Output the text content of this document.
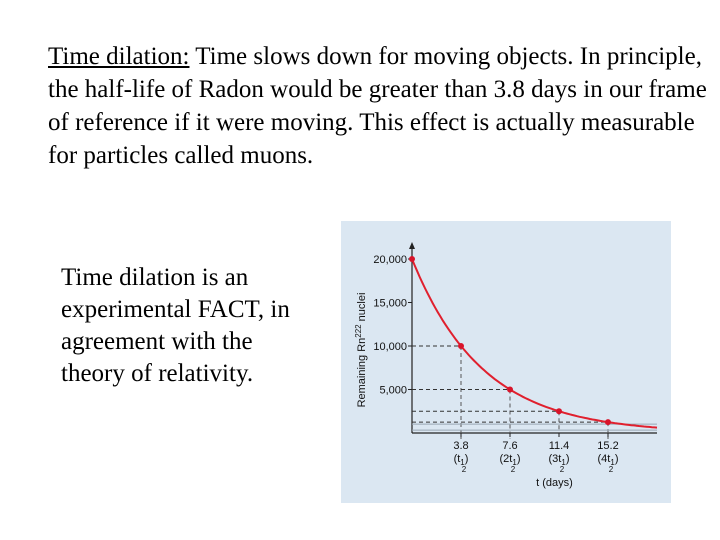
Time dilation: Time slows down for moving objects. In principle, the half-life of Radon would be greater than 3.8 days in our frame of reference if it were moving. This effect is actually measurable for particles called muons.
Time dilation is an experimental FACT, in agreement with the theory of relativity.
20,000
15,000
10,000
5,000
3.8
$(t_1)$
2
7.6
$(2t_1)$
2
11.4
$(3t_1)$
2
15.2
$(4t_1)$
2
t (days)
Remaining Rn$^{222}$ nuclei
